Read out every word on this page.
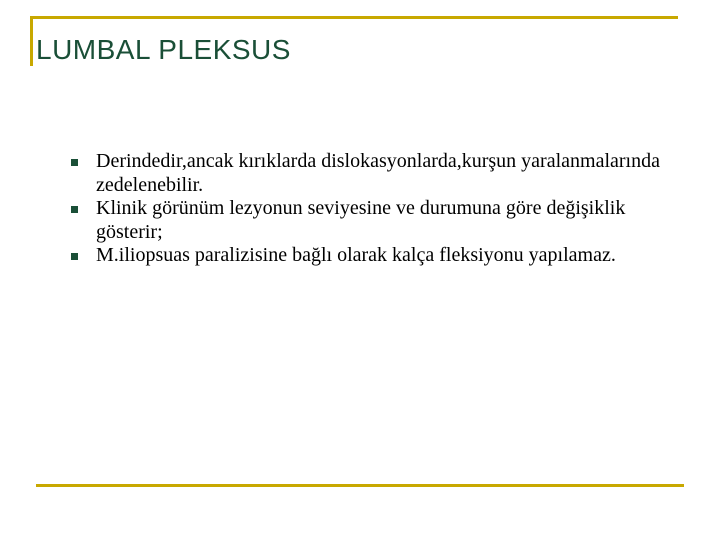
LUMBAL PLEKSUS
Derindedir,ancak kırıklarda dislokasyonlarda,kurşun yaralanmalarında zedelenebilir.
Klinik görünüm lezyonun seviyesine ve durumuna göre değişiklik gösterir;
M.iliopsuas paralizisine bağlı olarak kalça fleksiyonu yapılamaz.
